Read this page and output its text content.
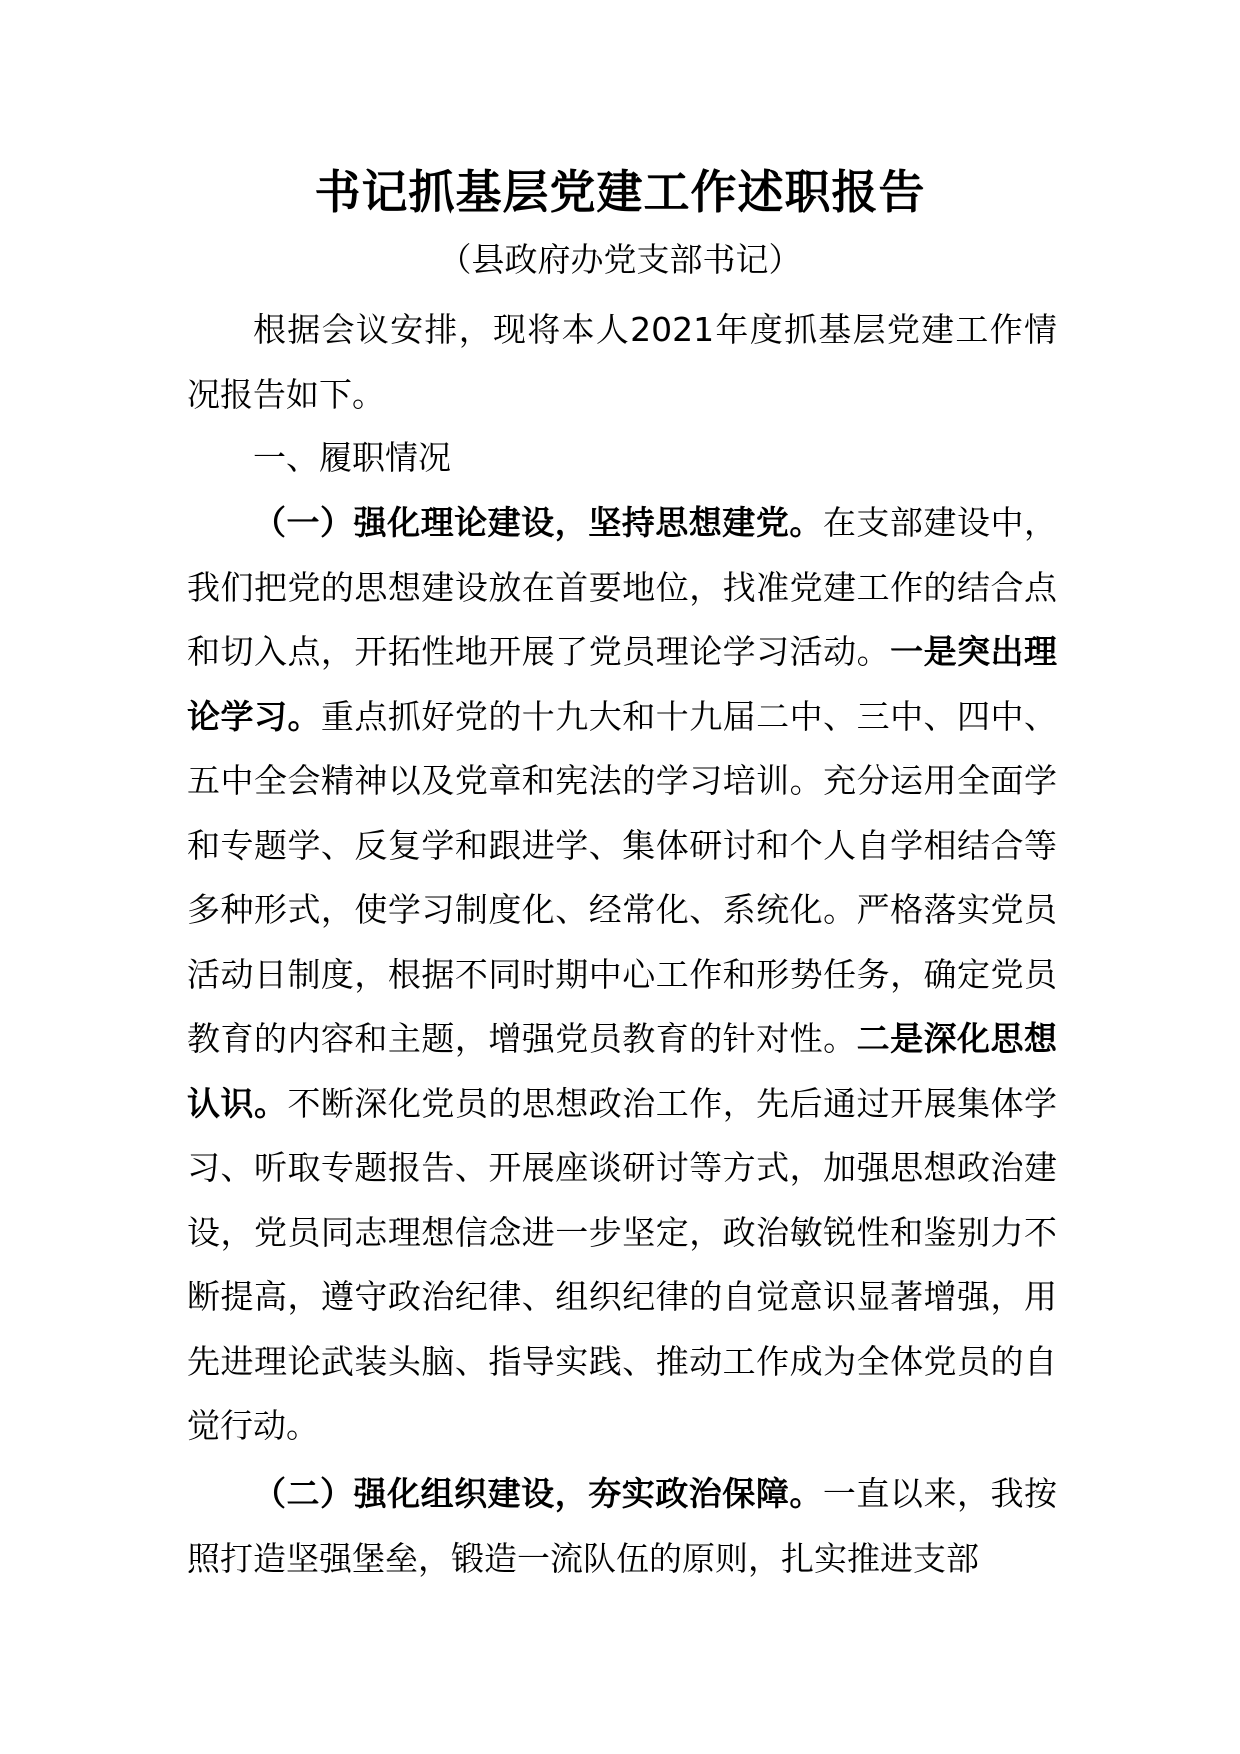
书记抓基层党建工作述职报告
（县政府办党支部书记）

根据会议安排，现将本人2021年度抓基层党建工作情况报告如下。

一、履职情况

（一）强化理论建设，坚持思想建党。在支部建设中，我们把党的思想建设放在首要地位，找准党建工作的结合点和切入点，开拓性地开展了党员理论学习活动。一是突出理论学习。重点抓好党的十九大和十九届二中、三中、四中、五中全会精神以及党章和宪法的学习培训。充分运用全面学和专题学、反复学和跟进学、集体研讨和个人自学相结合等多种形式，使学习制度化、经常化、系统化。严格落实党员活动日制度，根据不同时期中心工作和形势任务，确定党员教育的内容和主题，增强党员教育的针对性。二是深化思想认识。不断深化党员的思想政治工作，先后通过开展集体学习、听取专题报告、开展座谈研讨等方式，加强思想政治建设，党员同志理想信念进一步坚定，政治敏锐性和鉴别力不断提高，遵守政治纪律、组织纪律的自觉意识显著增强，用先进理论武装头脑、指导实践、推动工作成为全体党员的自觉行动。

（二）强化组织建设，夯实政治保障。一直以来，我按照打造坚强堡垒，锻造一流队伍的原则，扎实推进支部
